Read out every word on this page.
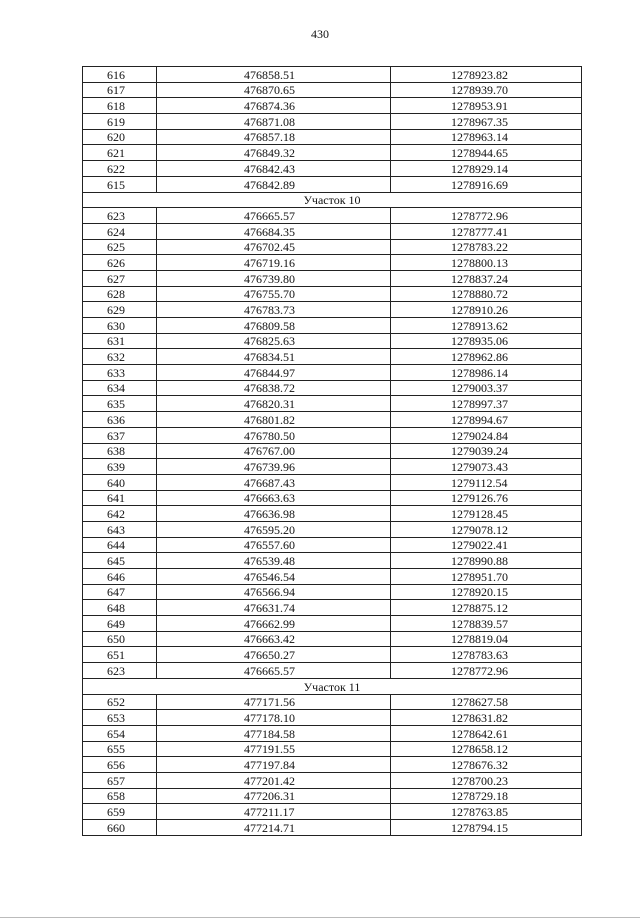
430
616	476858.51	1278923.82
617	476870.65	1278939.70
618	476874.36	1278953.91
619	476871.08	1278967.35
620	476857.18	1278963.14
621	476849.32	1278944.65
622	476842.43	1278929.14
615	476842.89	1278916.69
Участок 10		
623	476665.57	1278772.96
624	476684.35	1278777.41
625	476702.45	1278783.22
626	476719.16	1278800.13
627	476739.80	1278837.24
628	476755.70	1278880.72
629	476783.73	1278910.26
630	476809.58	1278913.62
631	476825.63	1278935.06
632	476834.51	1278962.86
633	476844.97	1278986.14
634	476838.72	1279003.37
635	476820.31	1278997.37
636	476801.82	1278994.67
637	476780.50	1279024.84
638	476767.00	1279039.24
639	476739.96	1279073.43
640	476687.43	1279112.54
641	476663.63	1279126.76
642	476636.98	1279128.45
643	476595.20	1279078.12
644	476557.60	1279022.41
645	476539.48	1278990.88
646	476546.54	1278951.70
647	476566.94	1278920.15
648	476631.74	1278875.12
649	476662.99	1278839.57
650	476663.42	1278819.04
651	476650.27	1278783.63
623	476665.57	1278772.96
Участок 11		
652	477171.56	1278627.58
653	477178.10	1278631.82
654	477184.58	1278642.61
655	477191.55	1278658.12
656	477197.84	1278676.32
657	477201.42	1278700.23
658	477206.31	1278729.18
659	477211.17	1278763.85
660	477214.71	1278794.15
